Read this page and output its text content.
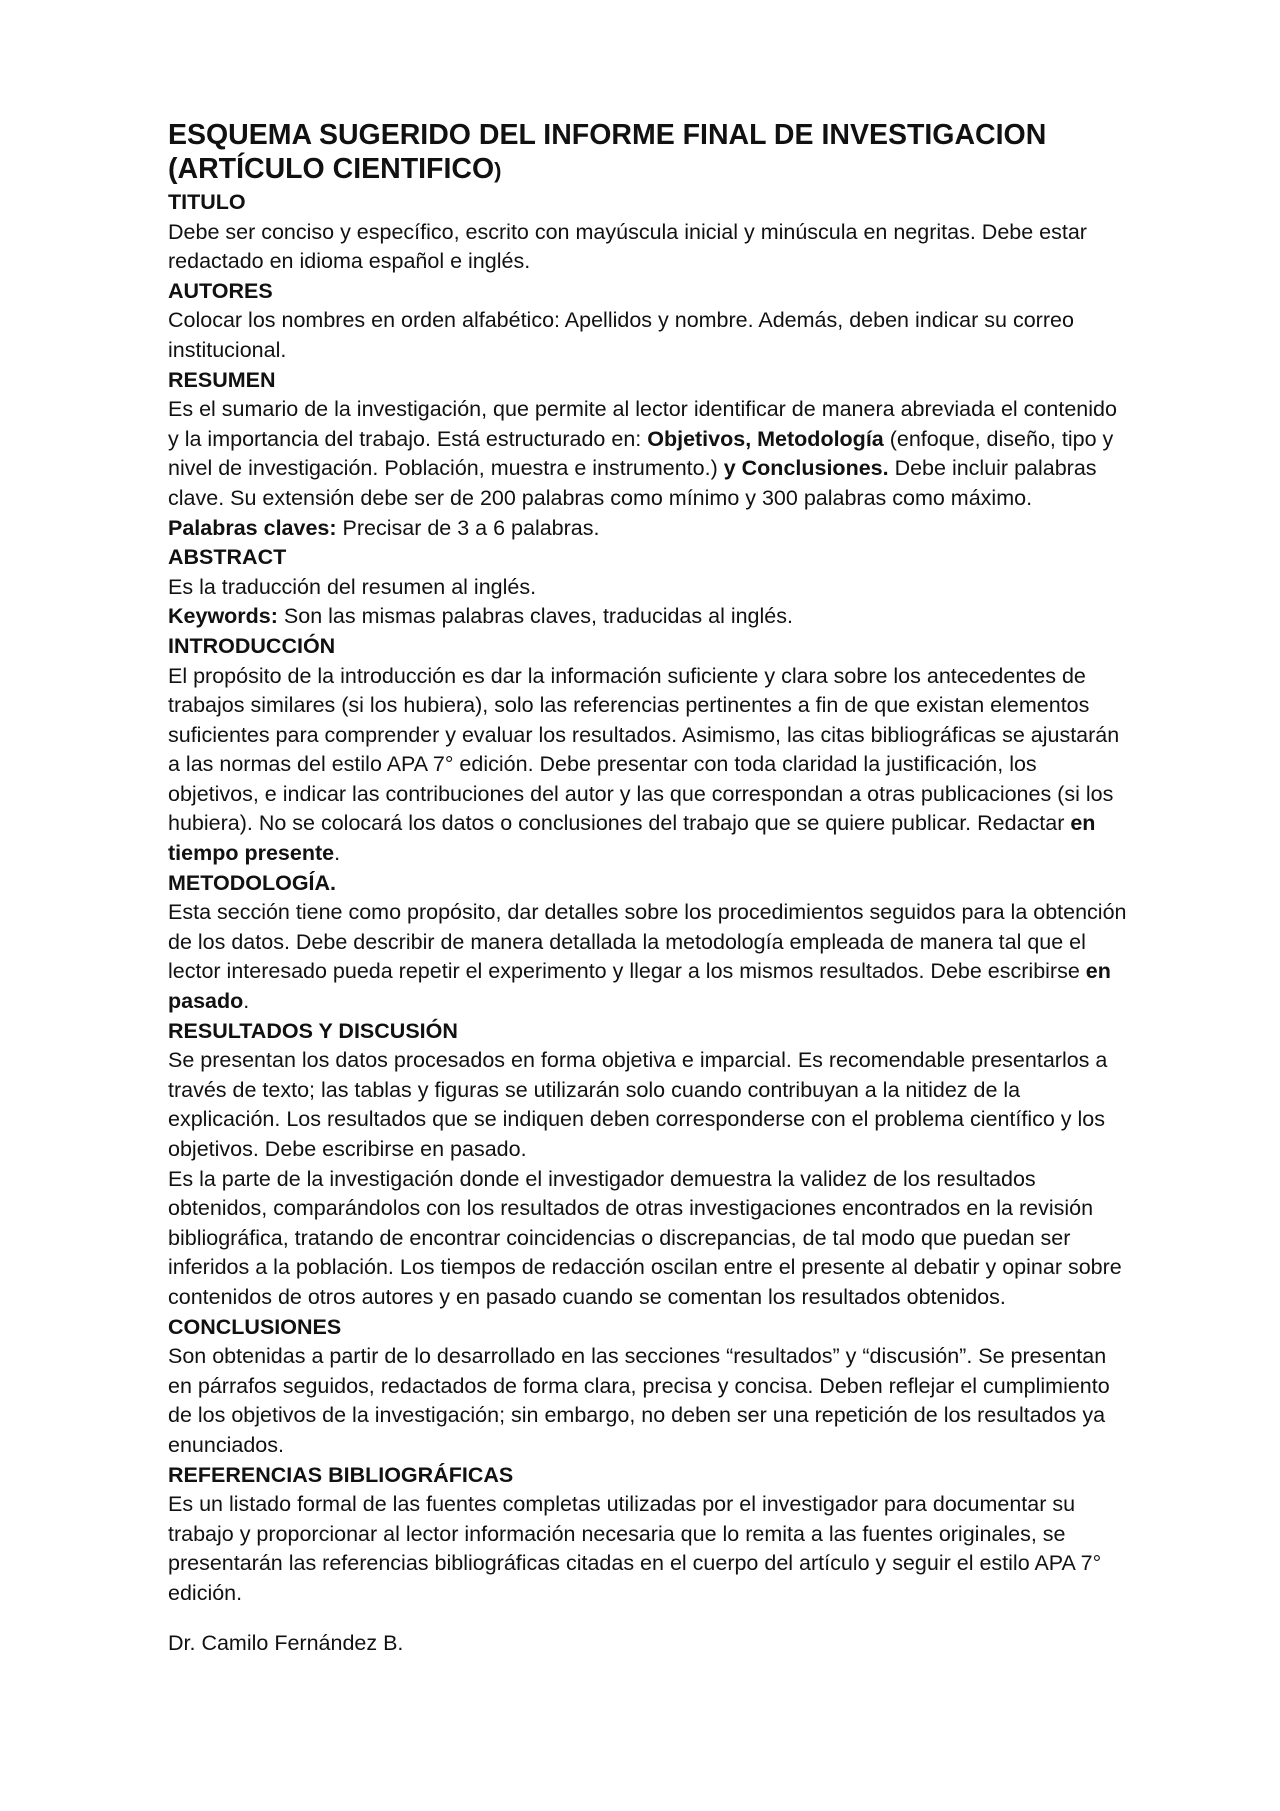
ESQUEMA SUGERIDO DEL INFORME FINAL DE INVESTIGACION
(ARTÍCULO CIENTIFICO)
TITULO

Debe ser conciso y específico, escrito con mayúscula inicial y minúscula en negritas. Debe estar redactado en idioma español e inglés.

AUTORES

Colocar los nombres en orden alfabético: Apellidos y nombre. Además, deben indicar su correo institucional.

RESUMEN

Es el sumario de la investigación, que permite al lector identificar de manera abreviada el contenido y la importancia del trabajo. Está estructurado en: Objetivos, Metodología (enfoque, diseño, tipo y nivel de investigación. Población, muestra e instrumento.) y Conclusiones. Debe incluir palabras clave. Su extensión debe ser de 200 palabras como mínimo y 300 palabras como máximo.

Palabras claves: Precisar de 3 a 6 palabras.

ABSTRACT

Es la traducción del resumen al inglés.

Keywords: Son las mismas palabras claves, traducidas al inglés.

INTRODUCCIÓN

El propósito de la introducción es dar la información suficiente y clara sobre los antecedentes de trabajos similares (si los hubiera), solo las referencias pertinentes a fin de que existan elementos suficientes para comprender y evaluar los resultados. Asimismo, las citas bibliográficas se ajustarán a las normas del estilo APA 7° edición. Debe presentar con toda claridad la justificación, los objetivos, e indicar las contribuciones del autor y las que correspondan a otras publicaciones (si los hubiera). No se colocará los datos o conclusiones del trabajo que se quiere publicar. Redactar en tiempo presente.

METODOLOGÍA.

Esta sección tiene como propósito, dar detalles sobre los procedimientos seguidos para la obtención de los datos. Debe describir de manera detallada la metodología empleada de manera tal que el lector interesado pueda repetir el experimento y llegar a los mismos resultados. Debe escribirse en pasado.

RESULTADOS Y DISCUSIÓN

Se presentan los datos procesados en forma objetiva e imparcial. Es recomendable presentarlos a través de texto; las tablas y figuras se utilizarán solo cuando contribuyan a la nitidez de la explicación. Los resultados que se indiquen deben corresponderse con el problema científico y los objetivos. Debe escribirse en pasado.

Es la parte de la investigación donde el investigador demuestra la validez de los resultados obtenidos, comparándolos con los resultados de otras investigaciones encontrados en la revisión bibliográfica, tratando de encontrar coincidencias o discrepancias, de tal modo que puedan ser inferidos a la población. Los tiempos de redacción oscilan entre el presente al debatir y opinar sobre contenidos de otros autores y en pasado cuando se comentan los resultados obtenidos.

CONCLUSIONES

Son obtenidas a partir de lo desarrollado en las secciones “resultados” y “discusión”. Se presentan en párrafos seguidos, redactados de forma clara, precisa y concisa. Deben reflejar el cumplimiento de los objetivos de la investigación; sin embargo, no deben ser una repetición de los resultados ya enunciados.

REFERENCIAS BIBLIOGRÁFICAS

Es un listado formal de las fuentes completas utilizadas por el investigador para documentar su trabajo y proporcionar al lector información necesaria que lo remita a las fuentes originales, se presentarán las referencias bibliográficas citadas en el cuerpo del artículo y seguir el estilo APA 7° edición.

Dr. Camilo Fernández B.
